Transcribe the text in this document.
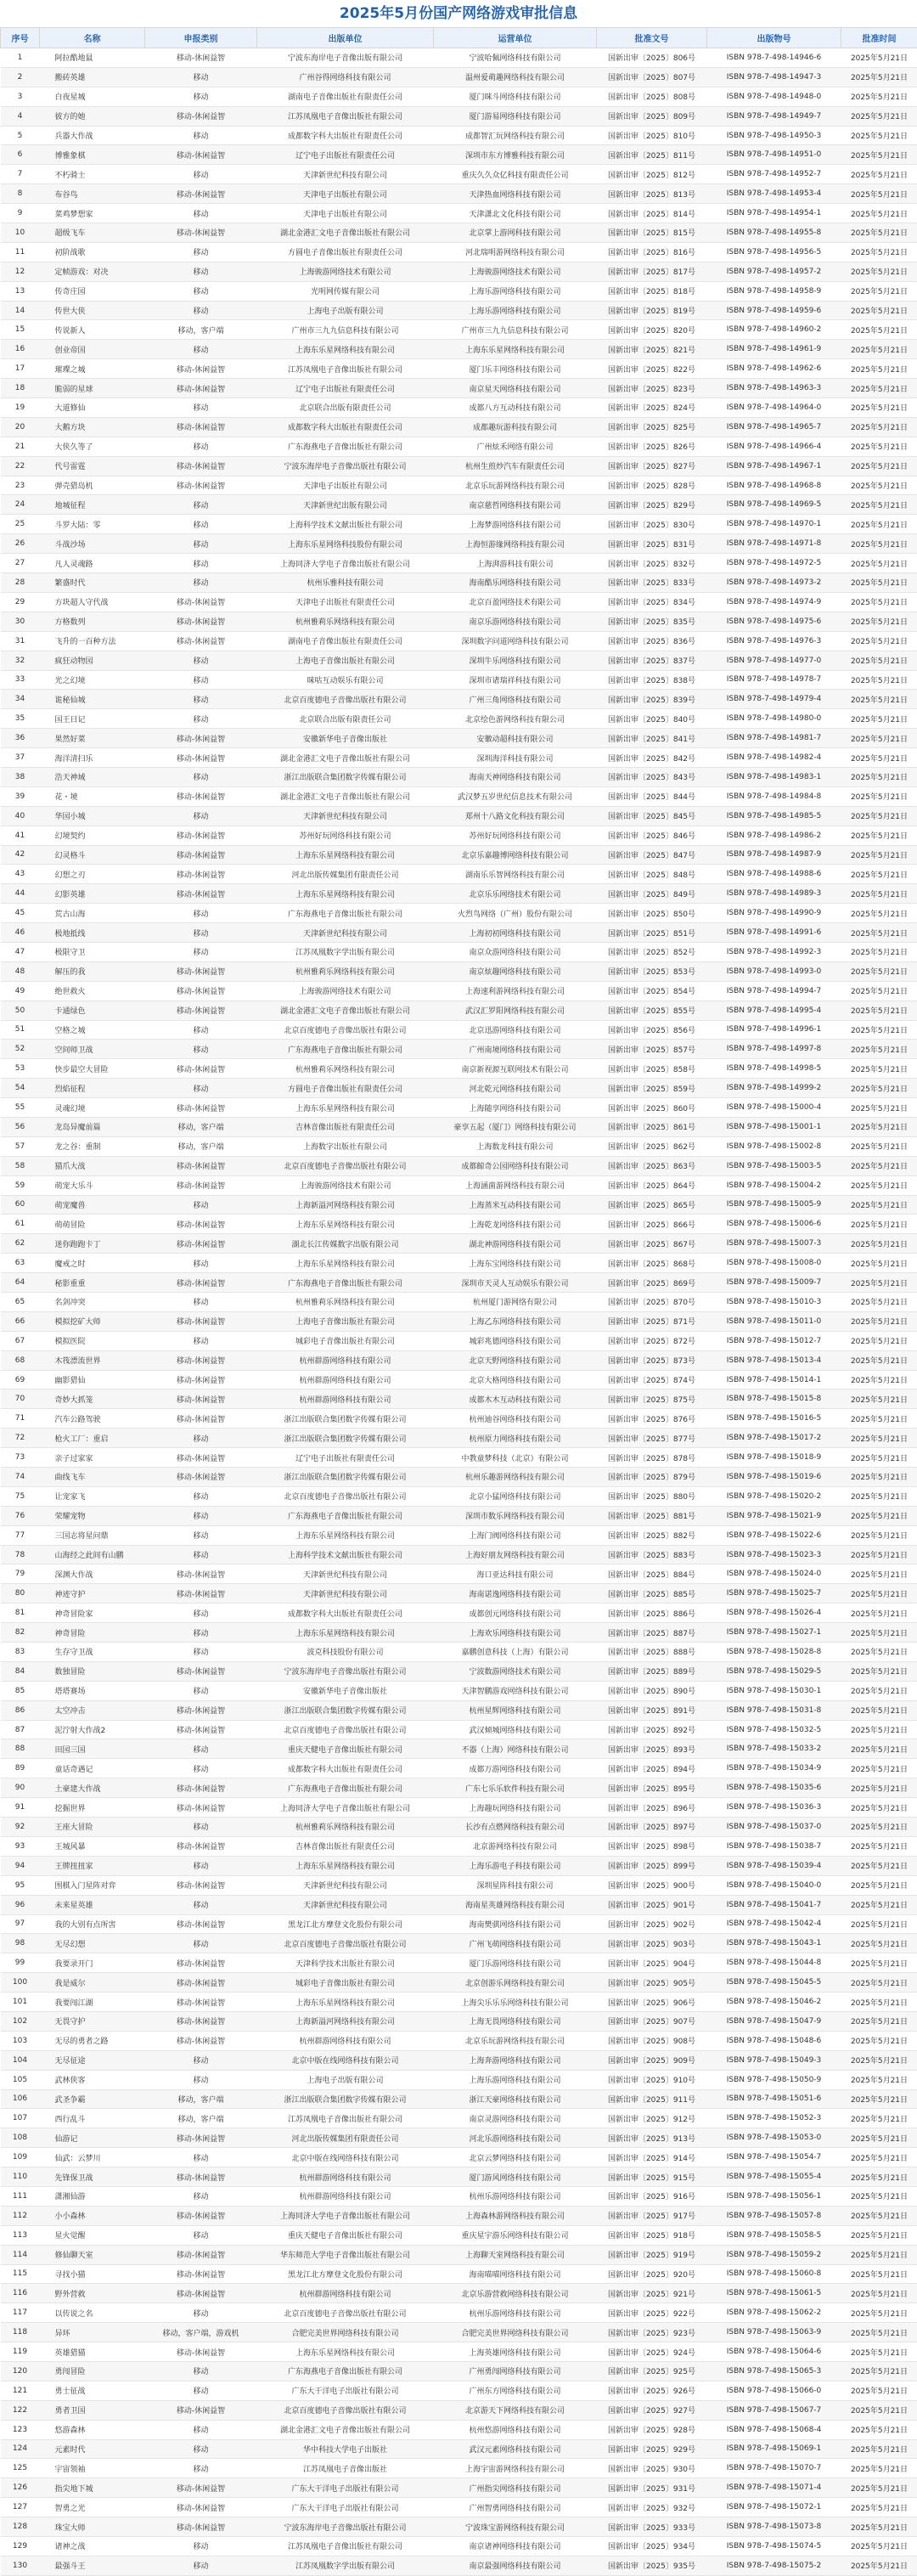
2025年5月份国产网络游戏审批信息
序号	名称	申报类别	出版单位	运营单位	批准文号	出版物号	批准时间
1	阿拉酷地鼠	移动-休闲益智	宁波东海岸电子音像出版有限公司	宁波哈佩网络科技有限公司	国新出审〔2025〕806号	ISBN 978-7-498-14946-6	2025年5月21日
2	搬砖英雄	移动	广州谷得网络科技有限公司	温州爱萌趣网络科技有限公司	国新出审〔2025〕807号	ISBN 978-7-498-14947-3	2025年5月21日
3	白夜星城	移动	湖南电子音像出版社有限责任公司	厦门咪斗网络科技有限公司	国新出审〔2025〕808号	ISBN 978-7-498-14948-0	2025年5月21日
4	彼方的她	移动-休闲益智	江苏凤凰电子音像出版社有限公司	厦门游易网络科技有限公司	国新出审〔2025〕809号	ISBN 978-7-498-14949-7	2025年5月21日
5	兵器大作战	移动	成都数字科大出版社有限责任公司	成都智汇玩网络科技有限公司	国新出审〔2025〕810号	ISBN 978-7-498-14950-3	2025年5月21日
6	博雅象棋	移动-休闲益智	辽宁电子出版社有限责任公司	深圳市东方博雅科技有限公司	国新出审〔2025〕811号	ISBN 978-7-498-14951-0	2025年5月21日
7	不朽骑士	移动	天津新世纪科技有限公司	重庆久久众亿科技有限责任公司	国新出审〔2025〕812号	ISBN 978-7-498-14952-7	2025年5月21日
8	布谷鸟	移动-休闲益智	天津电子出版社有限公司	天津热血网络科技有限公司	国新出审〔2025〕813号	ISBN 978-7-498-14953-4	2025年5月21日
9	菜鸡梦想家	移动	天津电子出版社有限公司	天津潇北文化科技有限公司	国新出审〔2025〕814号	ISBN 978-7-498-14954-1	2025年5月21日
10	超级飞车	移动-休闲益智	湖北金港汇文电子音像出版社有限公司	北京掌上游网科技有限公司	国新出审〔2025〕815号	ISBN 978-7-498-14955-8	2025年5月21日
11	初阶战歌	移动	方圆电子音像出版社有限责任公司	河北瑞明游网络科技有限公司	国新出审〔2025〕816号	ISBN 978-7-498-14956-5	2025年5月21日
12	定帧游戏：对决	移动	上海骏游网络技术有限公司	上海骏游网络技术有限公司	国新出审〔2025〕817号	ISBN 978-7-498-14957-2	2025年5月21日
13	传奇庄园	移动	光明网传媒有限公司	上海乐游网络科技有限公司	国新出审〔2025〕818号	ISBN 978-7-498-14958-9	2025年5月21日
14	传世大侠	移动	上海电子出版有限公司	上海乐游网络科技有限公司	国新出审〔2025〕819号	ISBN 978-7-498-14959-6	2025年5月21日
15	传说新人	移动，客户端	广州市三九九信息科技有限公司	广州市三九九信息科技有限公司	国新出审〔2025〕820号	ISBN 978-7-498-14960-2	2025年5月21日
16	创业帝国	移动	上海东乐星网络科技有限公司	上海东乐星网络科技有限公司	国新出审〔2025〕821号	ISBN 978-7-498-14961-9	2025年5月21日
17	璀璨之城	移动-休闲益智	江苏凤凰电子音像出版社有限公司	厦门乐丰网络科技有限公司	国新出审〔2025〕822号	ISBN 978-7-498-14962-6	2025年5月21日
18	脆弱的星球	移动-休闲益智	辽宁电子出版社有限责任公司	南京星天网络科技有限公司	国新出审〔2025〕823号	ISBN 978-7-498-14963-3	2025年5月21日
19	大道修仙	移动	北京联合出版有限责任公司	成都八方互动科技有限公司	国新出审〔2025〕824号	ISBN 978-7-498-14964-0	2025年5月21日
20	大鹅方块	移动-休闲益智	成都数字科大出版社有限责任公司	成都趣玩游科技有限公司	国新出审〔2025〕825号	ISBN 978-7-498-14965-7	2025年5月21日
21	大侠久等了	移动	广东海燕电子音像出版社有限公司	广州炫禾网络有限公司	国新出审〔2025〕826号	ISBN 978-7-498-14966-4	2025年5月21日
22	代号雷霆	移动-休闲益智	宁波东海岸电子音像出版社有限公司	杭州生煎炒汽车有限责任公司	国新出审〔2025〕827号	ISBN 978-7-498-14967-1	2025年5月21日
23	弹壳猎岛机	移动-休闲益智	天津电子出版社有限公司	北京乐玩游网络科技有限公司	国新出审〔2025〕828号	ISBN 978-7-498-14968-8	2025年5月21日
24	地城征程	移动	天津新世纪出版有限公司	南京慈哲网络科技有限公司	国新出审〔2025〕829号	ISBN 978-7-498-14969-5	2025年5月21日
25	斗罗大陆：零	移动	上海科学技术文献出版社有限公司	上海梦游网络科技有限公司	国新出审〔2025〕830号	ISBN 978-7-498-14970-1	2025年5月21日
26	斗战沙场	移动	上海东乐星网络科技股份有限公司	上海恒游缘网络科技有限公司	国新出审〔2025〕831号	ISBN 978-7-498-14971-8	2025年5月21日
27	凡人灵魂路	移动	上海同济大学电子音像出版社有限公司	上海湃游科技有限公司	国新出审〔2025〕832号	ISBN 978-7-498-14972-5	2025年5月21日
28	繁盛时代	移动	杭州乐雅科技有限公司	海南酷乐网络科技有限公司	国新出审〔2025〕833号	ISBN 978-7-498-14973-2	2025年5月21日
29	方块超人守代战	移动-休闲益智	天津电子出版社有限责任公司	北京百盈网络技术有限公司	国新出审〔2025〕834号	ISBN 978-7-498-14974-9	2025年5月21日
30	方格数列	移动-休闲益智	杭州雅莉乐网络科技有限公司	南京乐游网络科技有限公司	国新出审〔2025〕835号	ISBN 978-7-498-14975-6	2025年5月21日
31	飞升的一百种方法	移动-休闲益智	湖南电子音像出版社有限责任公司	深圳数字问道网络科技有限公司	国新出审〔2025〕836号	ISBN 978-7-498-14976-3	2025年5月21日
32	疯狂动物园	移动	上海电子音像出版社有限公司	深圳牛乐网络科技有限公司	国新出审〔2025〕837号	ISBN 978-7-498-14977-0	2025年5月21日
33	光之幻境	移动	咪咕互动娱乐有限公司	深圳市诸瑞祥科技有限公司	国新出审〔2025〕838号	ISBN 978-7-498-14978-7	2025年5月21日
34	诡秘仙城	移动	北京百度德电子音像出版社有限公司	广州三角网络科技有限公司	国新出审〔2025〕839号	ISBN 978-7-498-14979-4	2025年5月21日
35	国王日记	移动	北京联合出版有限责任公司	北京绘色游网络科技有限公司	国新出审〔2025〕840号	ISBN 978-7-498-14980-0	2025年5月21日
36	果然好菜	移动-休闲益智	安徽新华电子音像出版社	安徽动超科技有限公司	国新出审〔2025〕841号	ISBN 978-7-498-14981-7	2025年5月21日
37	海洋清扫乐	移动-休闲益智	湖北金港汇文电子音像出版社有限公司	深圳海洋科技有限公司	国新出审〔2025〕842号	ISBN 978-7-498-14982-4	2025年5月21日
38	浩天神域	移动	浙江出版联合集团数字传媒有限公司	海南天神网络科技有限公司	国新出审〔2025〕843号	ISBN 978-7-498-14983-1	2025年5月21日
39	花・境	移动-休闲益智	湖北金港汇文电子音像出版社有限公司	武汉梦五岁世纪信息技术有限公司	国新出审〔2025〕844号	ISBN 978-7-498-14984-8	2025年5月21日
40	华园小城	移动	天津新世纪科技有限公司	郑州十八路文化科技有限公司	国新出审〔2025〕845号	ISBN 978-7-498-14985-5	2025年5月21日
41	幻境契约	移动-休闲益智	苏州好玩网络科技有限公司	苏州好玩网络科技有限公司	国新出审〔2025〕846号	ISBN 978-7-498-14986-2	2025年5月21日
42	幻灵格斗	移动-休闲益智	上海东乐星网络科技有限公司	北京乐嘉趣博网络科技有限公司	国新出审〔2025〕847号	ISBN 978-7-498-14987-9	2025年5月21日
43	幻想之刃	移动-休闲益智	河北出版传媒集团有限责任公司	湖南乐乐智网络科技有限公司	国新出审〔2025〕848号	ISBN 978-7-498-14988-6	2025年5月21日
44	幻影英雄	移动-休闲益智	上海东乐星网络科技有限公司	北京乐乐网络技术有限公司	国新出审〔2025〕849号	ISBN 978-7-498-14989-3	2025年5月21日
45	荒古山海	移动	广东海燕电子音像出版社有限公司	火烈鸟网络（广州）股份有限公司	国新出审〔2025〕850号	ISBN 978-7-498-14990-9	2025年5月21日
46	极地抵线	移动	天津新世纪科技有限公司	上海初初网络科技有限公司	国新出审〔2025〕851号	ISBN 978-7-498-14991-6	2025年5月21日
47	极限守卫	移动	江苏凤凰数字学出版有限公司	南京众游网络科技有限公司	国新出审〔2025〕852号	ISBN 978-7-498-14992-3	2025年5月21日
48	解压的我	移动-休闲益智	杭州雅莉乐网络科技有限公司	南京炫趣网络科技有限公司	国新出审〔2025〕853号	ISBN 978-7-498-14993-0	2025年5月21日
49	绝世救火	移动-休闲益智	上海骏游网络技术有限公司	上海速利游网络科技有限公司	国新出审〔2025〕854号	ISBN 978-7-498-14994-7	2025年5月21日
50	卡通绿色	移动-休闲益智	湖北金港汇文电子音像出版社有限公司	武汉汇罗阳网络科技有限公司	国新出审〔2025〕855号	ISBN 978-7-498-14995-4	2025年5月21日
51	空格之城	移动	北京百度德电子音像出版社有限公司	北京迅游网络科技有限公司	国新出审〔2025〕856号	ISBN 978-7-498-14996-1	2025年5月21日
52	空间师卫战	移动	广东海燕电子音像出版社有限公司	广州南境网络科技有限公司	国新出审〔2025〕857号	ISBN 978-7-498-14997-8	2025年5月21日
53	快步最空大冒险	移动-休闲益智	杭州雅莉乐网络科技有限公司	南京新视源互联网技术有限公司	国新出审〔2025〕858号	ISBN 978-7-498-14998-5	2025年5月21日
54	烈焰征程	移动	方圆电子音像出版社有限责任公司	河北乾元网络科技有限公司	国新出审〔2025〕859号	ISBN 978-7-498-14999-2	2025年5月21日
55	灵魂幻境	移动-休闲益智	上海东乐星网络科技有限公司	上海随享网络科技有限公司	国新出审〔2025〕860号	ISBN 978-7-498-15000-4	2025年5月21日
56	龙岛异魔前篇	移动，客户端	吉林音像出版社有限责任公司	豪享五起（厦门）网络科技有限公司	国新出审〔2025〕861号	ISBN 978-7-498-15001-1	2025年5月21日
57	龙之谷：重制	移动，客户端	上海数字出版社有限公司	上海数龙科技有限公司	国新出审〔2025〕862号	ISBN 978-7-498-15002-8	2025年5月21日
58	猫爪大战	移动-休闲益智	北京百度德电子音像出版社有限公司	成都鲸奇公园网络科技有限公司	国新出审〔2025〕863号	ISBN 978-7-498-15003-5	2025年5月21日
59	萌宠大乐斗	移动-休闲益智	上海骏游网络技术有限公司	上海涵菌游网络科技有限公司	国新出审〔2025〕864号	ISBN 978-7-498-15004-2	2025年5月21日
60	萌宠魔兽	移动	上海新溢河网络科技有限公司	上海蒸米互动科技有限公司	国新出审〔2025〕865号	ISBN 978-7-498-15005-9	2025年5月21日
61	萌萌冒险	移动-休闲益智	上海东乐星网络科技有限公司	上海乾龙网络科技有限公司	国新出审〔2025〕866号	ISBN 978-7-498-15006-6	2025年5月21日
62	迷你跑跑卡丁	移动-休闲益智	湖北长江传媒数字出版有限公司	湖北神游网络科技有限公司	国新出审〔2025〕867号	ISBN 978-7-498-15007-3	2025年5月21日
63	魔戒之时	移动	上海东乐星网络科技有限公司	上海东宝网络科技有限公司	国新出审〔2025〕868号	ISBN 978-7-498-15008-0	2025年5月21日
64	秘影重重	移动-休闲益智	广东海燕电子音像出版社有限公司	深圳市天灵人互动娱乐有限公司	国新出审〔2025〕869号	ISBN 978-7-498-15009-7	2025年5月21日
65	名剑冲突	移动	杭州雅莉乐网络科技有限公司	杭州厦门游网络有限公司	国新出审〔2025〕870号	ISBN 978-7-498-15010-3	2025年5月21日
66	模拟挖矿大师	移动-休闲益智	上海电子音像出版社有限公司	上海乙东网络科技有限公司	国新出审〔2025〕871号	ISBN 978-7-498-15011-0	2025年5月21日
67	模拟医院	移动	城彩电子音像出版社有限公司	城彩兆德网络科技有限公司	国新出审〔2025〕872号	ISBN 978-7-498-15012-7	2025年5月21日
68	木筏漂流世界	移动-休闲益智	杭州群游网络科技有限公司	北京天野网络科技有限公司	国新出审〔2025〕873号	ISBN 978-7-498-15013-4	2025年5月21日
69	幽影猎仙	移动-休闲益智	杭州群游网络科技有限公司	北京大格网络科技有限公司	国新出审〔2025〕874号	ISBN 978-7-498-15014-1	2025年5月21日
70	奇妙大抓笼	移动-休闲益智	杭州群游网络科技有限公司	成都木木互动科技有限公司	国新出审〔2025〕875号	ISBN 978-7-498-15015-8	2025年5月21日
71	汽车公路驾驶	移动-休闲益智	浙江出版联合集团数字传媒有限公司	杭州迪谷网络科技有限公司	国新出审〔2025〕876号	ISBN 978-7-498-15016-5	2025年5月21日
72	枪火工厂：重启	移动	浙江出版联合集团数字传媒有限公司	杭州原力网络科技有限公司	国新出审〔2025〕877号	ISBN 978-7-498-15017-2	2025年5月21日
73	亲子过家家	移动-休闲益智	辽宁电子出版社有限责任公司	中教童梦科技（北京）有限公司	国新出审〔2025〕878号	ISBN 978-7-498-15018-9	2025年5月21日
74	曲线飞车	移动-休闲益智	浙江出版联合集团数字传媒有限公司	杭州乐趣游网络科技有限公司	国新出审〔2025〕879号	ISBN 978-7-498-15019-6	2025年5月21日
75	让宠家飞	移动	北京百度德电子音像出版社有限公司	北京小猛网络科技有限公司	国新出审〔2025〕880号	ISBN 978-7-498-15020-2	2025年5月21日
76	荣耀宠物	移动	广东海燕电子音像出版社有限公司	深圳市数乐网络科技有限公司	国新出审〔2025〕881号	ISBN 978-7-498-15021-9	2025年5月21日
77	三国志将星问鼎	移动	上海东乐星网络科技有限公司	上海门阀网络科技有限公司	国新出审〔2025〕882号	ISBN 978-7-498-15022-6	2025年5月21日
78	山海经之此间有山鹏	移动	上海科学技术文献出版社有限公司	上海好朋友网络科技有限公司	国新出审〔2025〕883号	ISBN 978-7-498-15023-3	2025年5月21日
79	深渊大作战	移动-休闲益智	天津新世纪科技有限公司	海口亚达科技有限公司	国新出审〔2025〕884号	ISBN 978-7-498-15024-0	2025年5月21日
80	神迹守护	移动-休闲益智	天津新世纪科技有限公司	海南诺逸网络科技有限公司	国新出审〔2025〕885号	ISBN 978-7-498-15025-7	2025年5月21日
81	神奇冒险家	移动	成都数字科大出版社有限责任公司	成都创元网络科技有限公司	国新出审〔2025〕886号	ISBN 978-7-498-15026-4	2025年5月21日
82	神奇冒险	移动	上海东乐星网络科技有限公司	上海欢乐网络科技有限公司	国新出审〔2025〕887号	ISBN 978-7-498-15027-1	2025年5月21日
83	生存守卫战	移动	波克科技股份有限公司	嘉鹏创意科技（上海）有限公司	国新出审〔2025〕888号	ISBN 978-7-498-15028-8	2025年5月21日
84	数独冒险	移动-休闲益智	宁波东海岸电子音像出版社有限公司	宁波数游网络技术有限公司	国新出审〔2025〕889号	ISBN 978-7-498-15029-5	2025年5月21日
85	塔塔赛场	移动	安徽新华电子音像出版社	天津智鹏游戏网络科技有限公司	国新出审〔2025〕890号	ISBN 978-7-498-15030-1	2025年5月21日
86	太空冲击	移动-休闲益智	浙江出版联合集团数字传媒有限公司	杭州星辉网络科技有限公司	国新出审〔2025〕891号	ISBN 978-7-498-15031-8	2025年5月21日
87	泥泞射大作战2	移动-休闲益智	北京百度德电子音像出版社有限公司	武汉倾城网络科技有限公司	国新出审〔2025〕892号	ISBN 978-7-498-15032-5	2025年5月21日
88	田园三国	移动	重庆天健电子音像出版社有限公司	不器（上海）网络科技有限公司	国新出审〔2025〕893号	ISBN 978-7-498-15033-2	2025年5月21日
89	童话奇遇记	移动	成都数字科大出版社有限责任公司	成都万游网络科技有限公司	国新出审〔2025〕894号	ISBN 978-7-498-15034-9	2025年5月21日
90	土豪建大作战	移动-休闲益智	广东海燕电子音像出版社有限公司	广东七乐乐软件科技有限公司	国新出审〔2025〕895号	ISBN 978-7-498-15035-6	2025年5月21日
91	挖掘世界	移动-休闲益智	上海同济大学电子音像出版社有限公司	上海趣玩网络科技有限公司	国新出审〔2025〕896号	ISBN 978-7-498-15036-3	2025年5月21日
92	王座大冒险	移动	杭州雅莉乐网络科技有限公司	长沙有点燃网络科技有限公司	国新出审〔2025〕897号	ISBN 978-7-498-15037-0	2025年5月21日
93	王城风暴	移动-休闲益智	吉林音像出版社有限责任公司	北京游网络科技有限公司	国新出审〔2025〕898号	ISBN 978-7-498-15038-7	2025年5月21日
94	王牌扭扭家	移动	上海东乐星网络科技有限公司	上海乐游电子科技有限公司	国新出审〔2025〕899号	ISBN 978-7-498-15039-4	2025年5月21日
95	围棋入门星阵对弈	移动-休闲益智	天津新世纪科技有限公司	深圳星阵科技有限公司	国新出审〔2025〕900号	ISBN 978-7-498-15040-0	2025年5月21日
96	未来星英雄	移动	天津新世纪科技有限公司	海南星英雄网络科技有限公司	国新出审〔2025〕901号	ISBN 978-7-498-15041-7	2025年5月21日
97	我的大别有点所害	移动-休闲益智	黑龙江北方摩登文化股份有限公司	海南樊骐网络科技有限公司	国新出审〔2025〕902号	ISBN 978-7-498-15042-4	2025年5月21日
98	无尽幻想	移动	北京百度德电子音像出版社有限公司	广州飞萌网络科技有限公司	国新出审〔2025〕903号	ISBN 978-7-498-15043-1	2025年5月21日
99	我要录开门	移动-休闲益智	天津科学技术出版社有限公司	厦门乐游网络科技有限公司	国新出审〔2025〕904号	ISBN 978-7-498-15044-8	2025年5月21日
100	我是威尔	移动-休闲益智	城彩电子音像出版社有限公司	北京创游乐网络科技有限公司	国新出审〔2025〕905号	ISBN 978-7-498-15045-5	2025年5月21日
101	我要闯江湖	移动-休闲益智	上海东乐星网络科技有限公司	上海尖乐乐乐网络科技有限公司	国新出审〔2025〕906号	ISBN 978-7-498-15046-2	2025年5月21日
102	无畏守护	移动-休闲益智	上海新溢河网络科技有限公司	上海无畏网络科技有限公司	国新出审〔2025〕907号	ISBN 978-7-498-15047-9	2025年5月21日
103	无尽的勇者之路	移动-休闲益智	杭州群游网络科技有限公司	北京乐玩游网络科技有限公司	国新出审〔2025〕908号	ISBN 978-7-498-15048-6	2025年5月21日
104	无尽征途	移动	北京中版在线网络科技有限公司	上海奔游网络科技有限公司	国新出审〔2025〕909号	ISBN 978-7-498-15049-3	2025年5月21日
105	武林侠客	移动	上海电子出版有限公司	上海乐游网络科技有限公司	国新出审〔2025〕910号	ISBN 978-7-498-15050-9	2025年5月21日
106	武圣争霸	移动，客户端	浙江出版联合集团数字传媒有限公司	浙江天豪网络科技有限公司	国新出审〔2025〕911号	ISBN 978-7-498-15051-6	2025年5月21日
107	西行乱斗	移动，客户端	江苏凤凰电子音像出版社有限公司	南京灵游网络科技有限公司	国新出审〔2025〕912号	ISBN 978-7-498-15052-3	2025年5月21日
108	仙游记	移动-休闲益智	河北出版传媒集团有限责任公司	河北乐游网络科技有限公司	国新出审〔2025〕913号	ISBN 978-7-498-15053-0	2025年5月21日
109	仙武：云梦川	移动	北京中版在线网络科技有限公司	北京云梦网络科技有限公司	国新出审〔2025〕914号	ISBN 978-7-498-15054-7	2025年5月21日
110	先锋保卫战	移动-休闲益智	杭州群游网络科技有限公司	厦门游风网络科技有限公司	国新出审〔2025〕915号	ISBN 978-7-498-15055-4	2025年5月21日
111	潇湘仙游	移动	杭州群游网络科技有限公司	杭州乐游网络科技有限公司	国新出审〔2025〕916号	ISBN 978-7-498-15056-1	2025年5月21日
112	小小森林	移动-休闲益智	上海同济大学电子音像出版社有限公司	上海森林游网络科技有限公司	国新出审〔2025〕917号	ISBN 978-7-498-15057-8	2025年5月21日
113	星火觉醒	移动	重庆天健电子音像出版社有限公司	重庆星宇游乐网络科技有限公司	国新出审〔2025〕918号	ISBN 978-7-498-15058-5	2025年5月21日
114	修仙聊天室	移动-休闲益智	华东师范大学电子音像出版社有限公司	上海聊天室网络科技有限公司	国新出审〔2025〕919号	ISBN 978-7-498-15059-2	2025年5月21日
115	寻找小猫	移动-休闲益智	黑龙江北方摩登文化股份有限公司	海南喵喵网络科技有限公司	国新出审〔2025〕920号	ISBN 978-7-498-15060-8	2025年5月21日
116	野外营救	移动-休闲益智	杭州群游网络科技有限公司	北京乐游营救网络科技有限公司	国新出审〔2025〕921号	ISBN 978-7-498-15061-5	2025年5月21日
117	以传说之名	移动	北京百度德电子音像出版社有限公司	杭州乐游网络科技有限公司	国新出审〔2025〕922号	ISBN 978-7-498-15062-2	2025年5月21日
118	异环	移动，客户端，游戏机	合肥完美世界网络科技有限公司	合肥完美世界网络科技有限公司	国新出审〔2025〕923号	ISBN 978-7-498-15063-9	2025年5月21日
119	英雄猎猫	移动-休闲益智	上海东乐星网络科技有限公司	上海英雄网络科技有限公司	国新出审〔2025〕924号	ISBN 978-7-498-15064-6	2025年5月21日
120	勇闯冒险	移动	广东海燕电子音像出版社有限公司	广州勇闯网络科技有限公司	国新出审〔2025〕925号	ISBN 978-7-498-15065-3	2025年5月21日
121	勇士征战	移动	广东大干洋电子出版社有限公司	广州东方网络科技有限公司	国新出审〔2025〕926号	ISBN 978-7-498-15066-0	2025年5月21日
122	勇者卫国	移动-休闲益智	北京百度德电子音像出版社有限公司	北京游天下网络科技有限公司	国新出审〔2025〕927号	ISBN 978-7-498-15067-7	2025年5月21日
123	悠游森林	移动	湖北金港汇文电子音像出版社有限公司	杭州悠游网络科技有限公司	国新出审〔2025〕928号	ISBN 978-7-498-15068-4	2025年5月21日
124	元素时代	移动	华中科技大学电子出版社	武汉元素网络科技有限公司	国新出审〔2025〕929号	ISBN 978-7-498-15069-1	2025年5月21日
125	宇宙领袖	移动	江苏凤凰电子音像出版社	上海宇宙游网络科技有限公司	国新出审〔2025〕930号	ISBN 978-7-498-15070-7	2025年5月21日
126	指尖地下城	移动-休闲益智	广东大干洋电子出版社有限公司	广州指尖网络科技有限公司	国新出审〔2025〕931号	ISBN 978-7-498-15071-4	2025年5月21日
127	智勇之光	移动-休闲益智	广东大干洋电子出版社有限公司	广州智勇网络科技有限公司	国新出审〔2025〕932号	ISBN 978-7-498-15072-1	2025年5月21日
128	珠宝大师	移动-休闲益智	宁波东海岸电子音像出版社有限公司	宁波珠宝游网络科技有限公司	国新出审〔2025〕933号	ISBN 978-7-498-15073-8	2025年5月21日
129	诸神之战	移动	江苏凤凰电子音像出版社有限公司	南京诸神网络科技有限公司	国新出审〔2025〕934号	ISBN 978-7-498-15074-5	2025年5月21日
130	最强斗王	移动	江苏凤凰数字学出版有限公司	南京最强网络科技有限公司	国新出审〔2025〕935号	ISBN 978-7-498-15075-2	2025年5月21日
